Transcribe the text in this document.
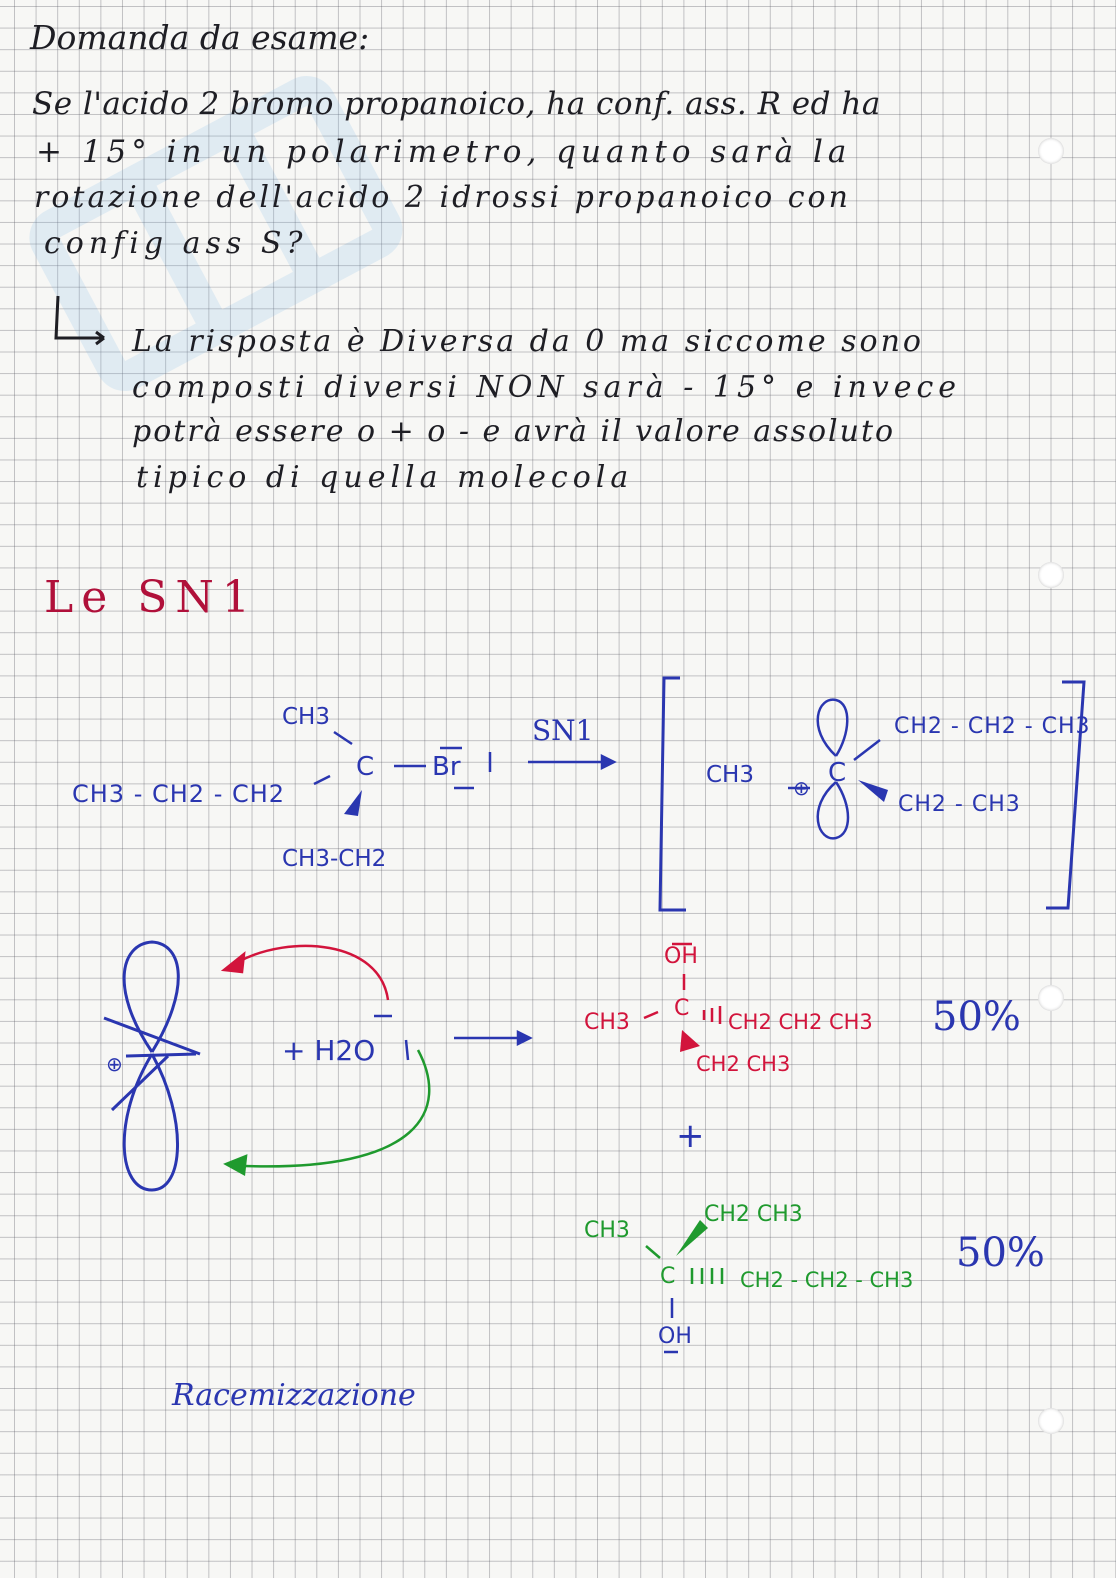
Domanda da esame:
Se l'acido 2 bromo propanoico, ha conf. ass. R ed ha
+ 15° in un polarimetro, quanto sarà la
rotazione dell'acido 2 idrossi propanoico con
config ass S?
La risposta è Diversa da 0 ma siccome sono
composti diversi NON sarà - 15° e invece
potrà essere o + o - e avrà il valore assoluto
tipico di quella molecola
Le SN1
CH3
C Br
CH3 - CH2 - CH2
CH3-CH2
SN1
CH3 ⊕ C
CH2 - CH2 - CH3
CH2 - CH3
⊕	+ H2O
OH
CH3
C
CH2 CH2 CH3
CH2 CH3
50%
+
CH3
CH2 CH3
C	CH2 - CH2 - CH3
OH
50%
Racemizzazione
